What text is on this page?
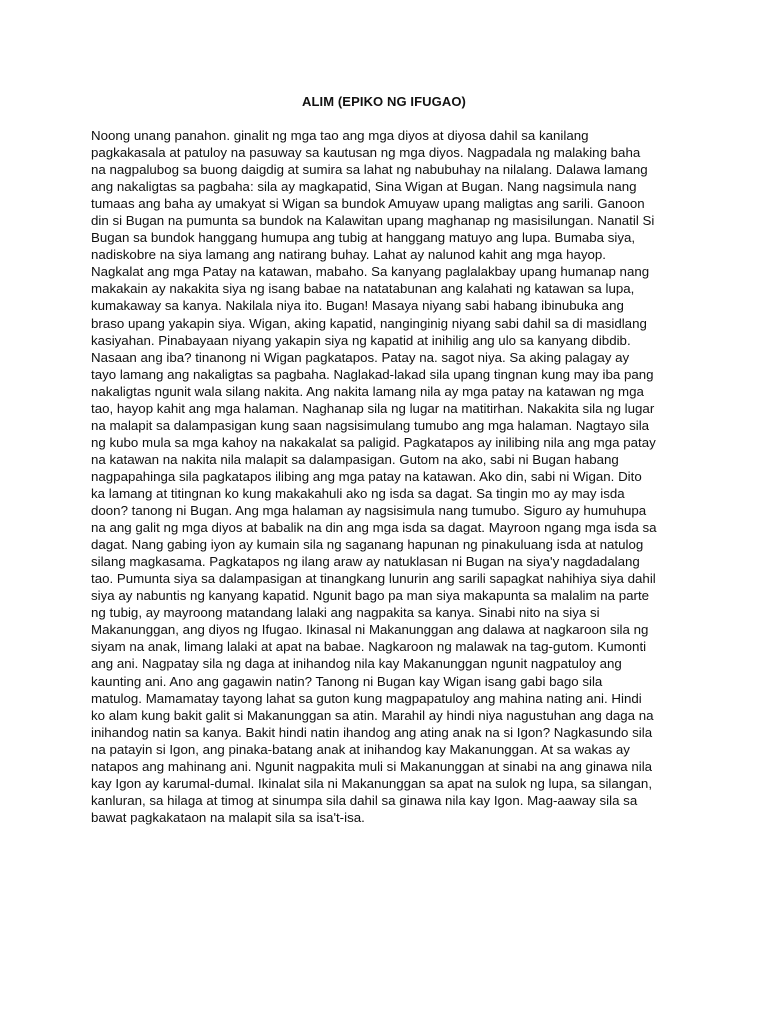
ALIM (EPIKO NG IFUGAO)
Noong unang panahon. ginalit ng mga tao ang mga diyos at diyosa dahil sa kanilang
pagkakasala at patuloy na pasuway sa kautusan ng mga diyos. Nagpadala ng malaking baha
na nagpalubog sa buong daigdig at sumira sa lahat ng nabubuhay na nilalang. Dalawa lamang
ang nakaligtas sa pagbaha: sila ay magkapatid, Sina Wigan at Bugan. Nang nagsimula nang
tumaas ang baha ay umakyat si Wigan sa bundok Amuyaw upang maligtas ang sarili. Ganoon
din si Bugan na pumunta sa bundok na Kalawitan upang maghanap ng masisilungan. Nanatil Si
Bugan sa bundok hanggang humupa ang tubig at hanggang matuyo ang lupa. Bumaba siya,
nadiskobre na siya lamang ang natirang buhay. Lahat ay nalunod kahit ang mga hayop.
Nagkalat ang mga Patay na katawan, mabaho. Sa kanyang paglalakbay upang humanap nang
makakain ay nakakita siya ng isang babae na natatabunan ang kalahati ng katawan sa lupa,
kumakaway sa kanya. Nakilala niya ito. Bugan! Masaya niyang sabi habang ibinubuka ang
braso upang yakapin siya. Wigan, aking kapatid, nanginginig niyang sabi dahil sa di masidlang
kasiyahan. Pinabayaan niyang yakapin siya ng kapatid at inihilig ang ulo sa kanyang dibdib.
Nasaan ang iba? tinanong ni Wigan pagkatapos. Patay na. sagot niya. Sa aking palagay ay
tayo lamang ang nakaligtas sa pagbaha. Naglakad-lakad sila upang tingnan kung may iba pang
nakaligtas ngunit wala silang nakita. Ang nakita lamang nila ay mga patay na katawan ng mga
tao, hayop kahit ang mga halaman. Naghanap sila ng lugar na matitirhan. Nakakita sila ng lugar
na malapit sa dalampasigan kung saan nagsisimulang tumubo ang mga halaman. Nagtayo sila
ng kubo mula sa mga kahoy na nakakalat sa paligid. Pagkatapos ay inilibing nila ang mga patay
na katawan na nakita nila malapit sa dalampasigan. Gutom na ako, sabi ni Bugan habang
nagpapahinga sila pagkatapos ilibing ang mga patay na katawan. Ako din, sabi ni Wigan. Dito
ka lamang at titingnan ko kung makakahuli ako ng isda sa dagat. Sa tingin mo ay may isda
doon? tanong ni Bugan. Ang mga halaman ay nagsisimula nang tumubo. Siguro ay humuhupa
na ang galit ng mga diyos at babalik na din ang mga isda sa dagat. Mayroon ngang mga isda sa
dagat. Nang gabing iyon ay kumain sila ng saganang hapunan ng pinakuluang isda at natulog
silang magkasama. Pagkatapos ng ilang araw ay natuklasan ni Bugan na siya'y nagdadalang
tao. Pumunta siya sa dalampasigan at tinangkang lunurin ang sarili sapagkat nahihiya siya dahil
siya ay nabuntis ng kanyang kapatid. Ngunit bago pa man siya makapunta sa malalim na parte
ng tubig, ay mayroong matandang lalaki ang nagpakita sa kanya. Sinabi nito na siya si
Makanunggan, ang diyos ng Ifugao. Ikinasal ni Makanunggan ang dalawa at nagkaroon sila ng
siyam na anak, limang lalaki at apat na babae. Nagkaroon ng malawak na tag-gutom. Kumonti
ang ani. Nagpatay sila ng daga at inihandog nila kay Makanunggan ngunit nagpatuloy ang
kaunting ani. Ano ang gagawin natin? Tanong ni Bugan kay Wigan isang gabi bago sila
matulog. Mamamatay tayong lahat sa guton kung magpapatuloy ang mahina nating ani. Hindi
ko alam kung bakit galit si Makanunggan sa atin. Marahil ay hindi niya nagustuhan ang daga na
inihandog natin sa kanya. Bakit hindi natin ihandog ang ating anak na si Igon? Nagkasundo sila
na patayin si Igon, ang pinaka-batang anak at inihandog kay Makanunggan. At sa wakas ay
natapos ang mahinang ani. Ngunit nagpakita muli si Makanunggan at sinabi na ang ginawa nila
kay Igon ay karumal-dumal. Ikinalat sila ni Makanunggan sa apat na sulok ng lupa, sa silangan,
kanluran, sa hilaga at timog at sinumpa sila dahil sa ginawa nila kay Igon. Mag-aaway sila sa
bawat pagkakataon na malapit sila sa isa't-isa.
